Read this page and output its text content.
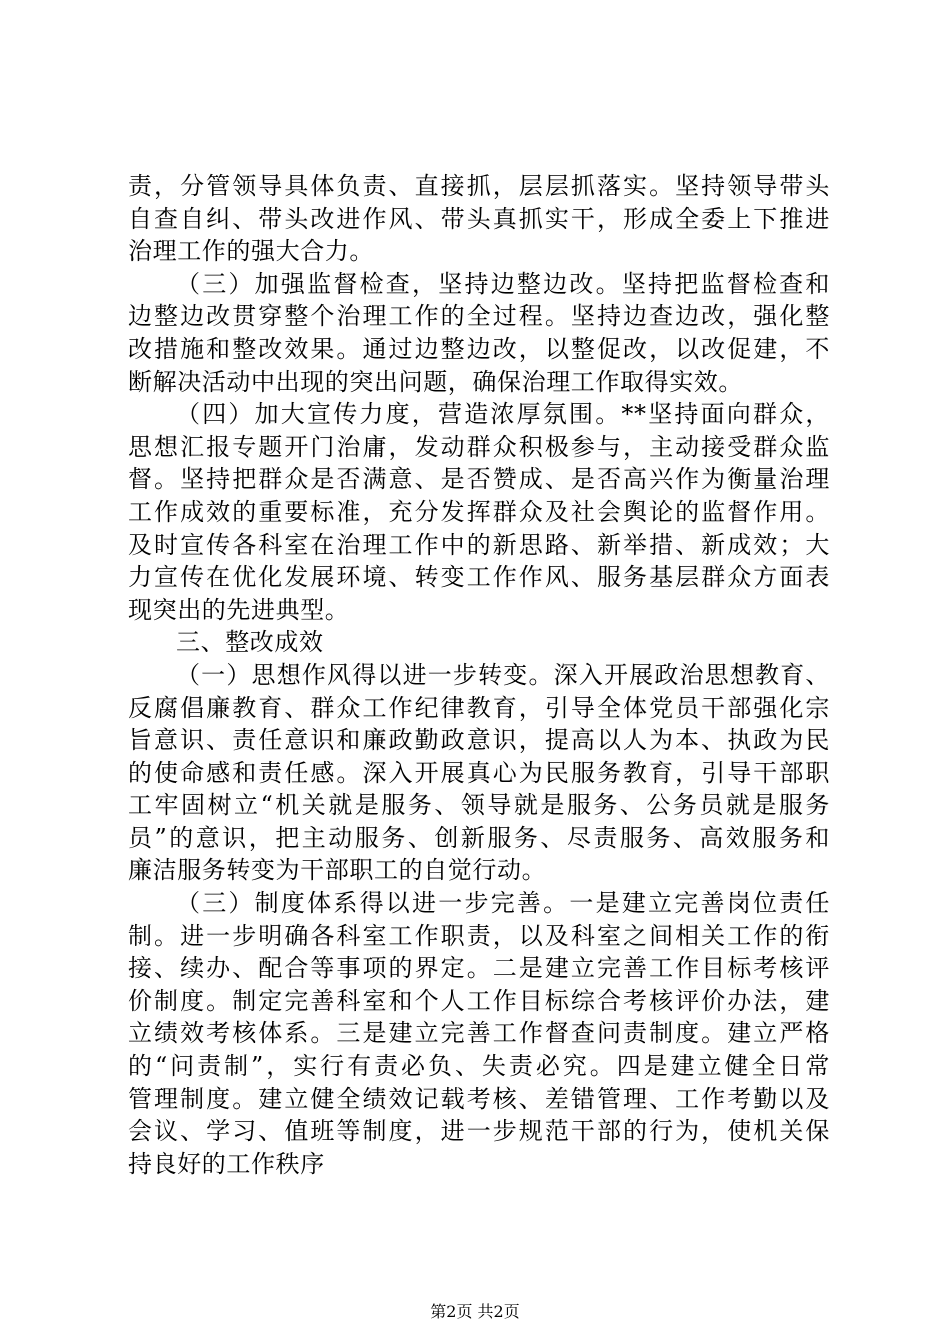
责，分管领导具体负责、直接抓，层层抓落实。坚持领导带头
自查自纠、带头改进作风、带头真抓实干，形成全委上下推进
治理工作的强大合力。
（三）加强监督检查，坚持边整边改。坚持把监督检查和
边整边改贯穿整个治理工作的全过程。坚持边查边改，强化整
改措施和整改效果。通过边整边改，以整促改，以改促建，不
断解决活动中出现的突出问题，确保治理工作取得实效。
（四）加大宣传力度，营造浓厚氛围。**坚持面向群众，
思想汇报专题开门治庸，发动群众积极参与，主动接受群众监
督。坚持把群众是否满意、是否赞成、是否高兴作为衡量治理
工作成效的重要标准，充分发挥群众及社会舆论的监督作用。
及时宣传各科室在治理工作中的新思路、新举措、新成效；大
力宣传在优化发展环境、转变工作作风、服务基层群众方面表
现突出的先进典型。
三、整改成效
（一）思想作风得以进一步转变。深入开展政治思想教育、
反腐倡廉教育、群众工作纪律教育，引导全体党员干部强化宗
旨意识、责任意识和廉政勤政意识，提高以人为本、执政为民
的使命感和责任感。深入开展真心为民服务教育，引导干部职
工牢固树立“机关就是服务、领导就是服务、公务员就是服务
员”的意识，把主动服务、创新服务、尽责服务、高效服务和
廉洁服务转变为干部职工的自觉行动。
（三）制度体系得以进一步完善。一是建立完善岗位责任
制。进一步明确各科室工作职责，以及科室之间相关工作的衔
接、续办、配合等事项的界定。二是建立完善工作目标考核评
价制度。制定完善科室和个人工作目标综合考核评价办法，建
立绩效考核体系。三是建立完善工作督查问责制度。建立严格
的“问责制”，实行有责必负、失责必究。四是建立健全日常
管理制度。建立健全绩效记载考核、差错管理、工作考勤以及
会议、学习、值班等制度，进一步规范干部的行为，使机关保
持良好的工作秩序
第2页 共2页
